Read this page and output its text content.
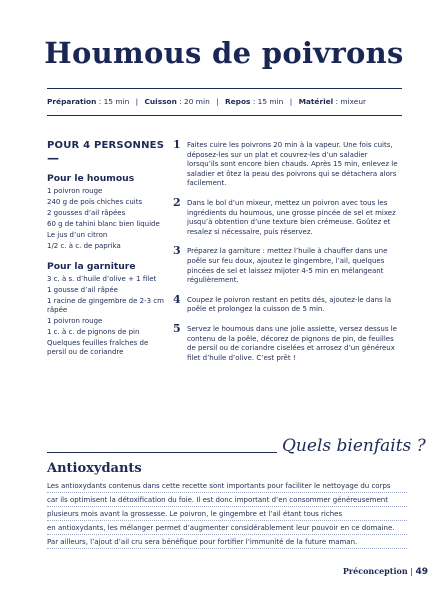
Houmous de poivrons
Préparation : 15 min | Cuisson : 20 min | Repos : 15 min | Matériel : mixeur
POUR 4 PERSONNES
—
Pour le houmous
1 poivron rouge
240 g de pois chiches cuits
2 gousses d’ail râpées
60 g de tahini blanc bien liquide
Le jus d’un citron
1/2 c. à c. de paprika
Pour la garniture
3 c. à s. d’huile d’olive + 1 filet
1 gousse d’ail râpée
1 racine de gingembre de 2-3 cm râpée
1 poivron rouge
1 c. à c. de pignons de pin
Quelques feuilles fraîches de persil ou de coriandre
1 Faites cuire les poivrons 20 min à la vapeur. Une fois cuits, déposez-les sur un plat et couvrez-les d’un saladier lorsqu’ils sont encore bien chauds. Après 15 min, enlevez le saladier et ôtez la peau des poivrons qui se détachera alors facilement.
2 Dans le bol d’un mixeur, mettez un poivron avec tous les ingrédients du houmous, une grosse pincée de sel et mixez jusqu’à obtention d’une texture bien crémeuse. Goûtez et resalez si nécessaire, puis réservez.
3 Préparez la garniture : mettez l’huile à chauffer dans une poêle sur feu doux, ajoutez le gingembre, l’ail, quelques pincées de sel et laissez mijoter 4-5 min en mélangeant régulièrement.
4 Coupez le poivron restant en petits dés, ajoutez-le dans la poêle et prolongez la cuisson de 5 min.
5 Servez le houmous dans une jolie assiette, versez dessus le contenu de la poêle, décorez de pignons de pin, de feuilles de persil ou de coriandre ciselées et arrosez d’un généreux filet d’huile d’olive. C’est prêt !
Quels bienfaits ?
Antioxydants
Les antioxydants contenus dans cette recette sont importants pour faciliter le nettoyage du corps
car ils optimisent la détoxification du foie. Il est donc important d’en consommer généreusement
plusieurs mois avant la grossesse. Le poivron, le gingembre et l’ail étant tous riches
en antioxydants, les mélanger permet d’augmenter considérablement leur pouvoir en ce domaine.
Par ailleurs, l’ajout d’ail cru sera bénéfique pour fortifier l’immunité de la future maman.
Préconception | 49
